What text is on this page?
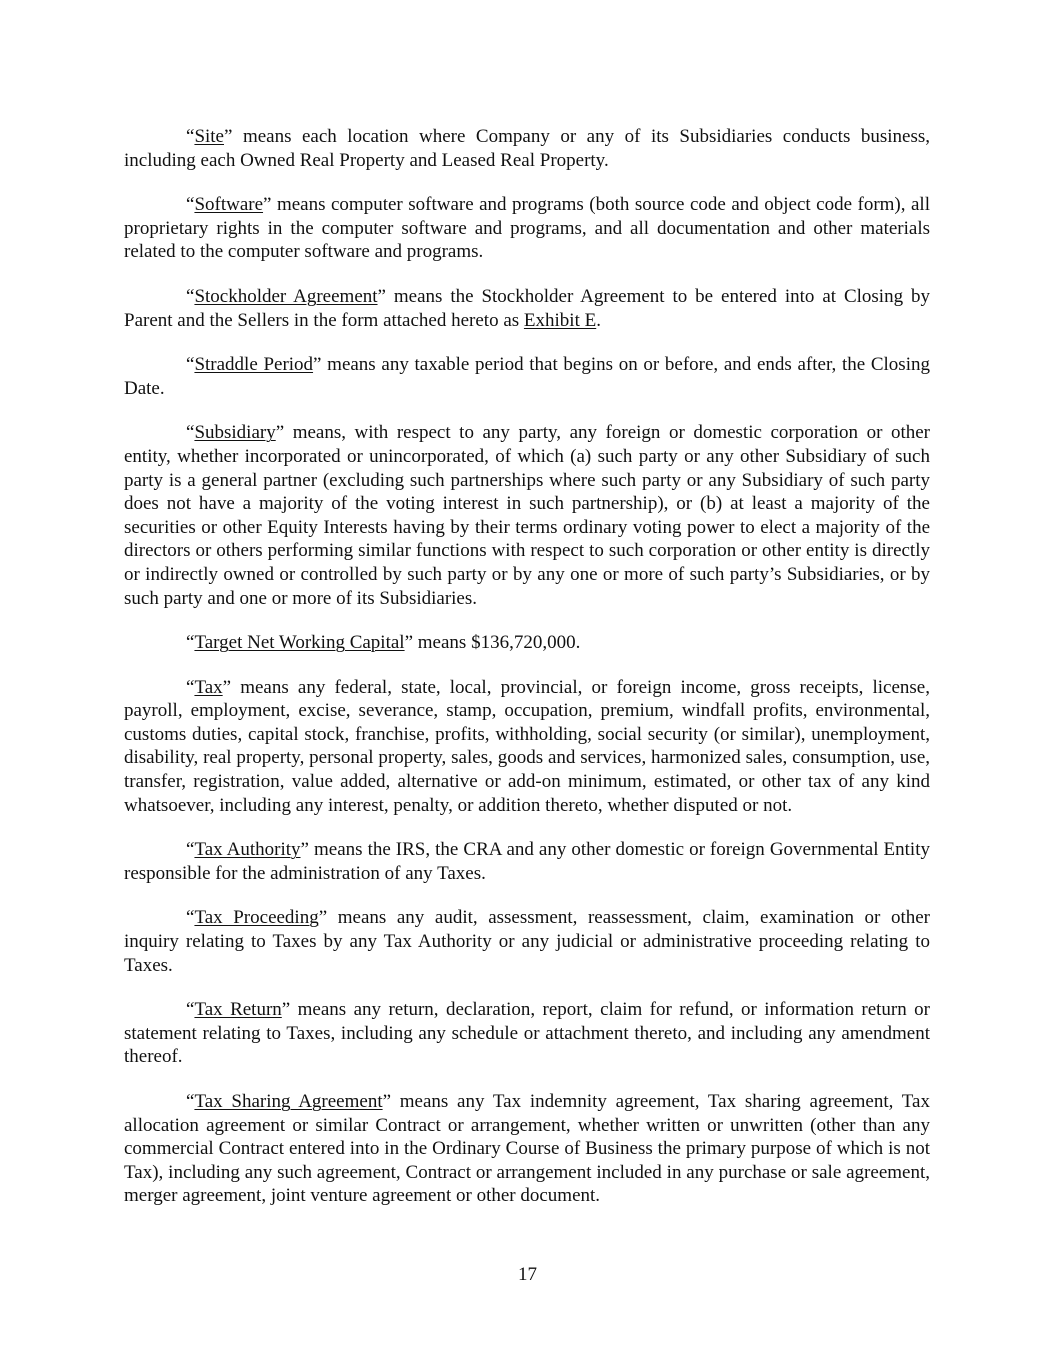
“Site” means each location where Company or any of its Subsidiaries conducts business, including each Owned Real Property and Leased Real Property.

“Software” means computer software and programs (both source code and object code form), all proprietary rights in the computer software and programs, and all documentation and other materials related to the computer software and programs.

“Stockholder Agreement” means the Stockholder Agreement to be entered into at Closing by Parent and the Sellers in the form attached hereto as Exhibit E.

“Straddle Period” means any taxable period that begins on or before, and ends after, the Closing Date.

“Subsidiary” means, with respect to any party, any foreign or domestic corporation or other entity, whether incorporated or unincorporated, of which (a) such party or any other Subsidiary of such party is a general partner (excluding such partnerships where such party or any Subsidiary of such party does not have a majority of the voting interest in such partnership), or (b) at least a majority of the securities or other Equity Interests having by their terms ordinary voting power to elect a majority of the directors or others performing similar functions with respect to such corporation or other entity is directly or indirectly owned or controlled by such party or by any one or more of such party’s Subsidiaries, or by such party and one or more of its Subsidiaries.

“Target Net Working Capital” means $136,720,000.

“Tax” means any federal, state, local, provincial, or foreign income, gross receipts, license, payroll, employment, excise, severance, stamp, occupation, premium, windfall profits, environmental, customs duties, capital stock, franchise, profits, withholding, social security (or similar), unemployment, disability, real property, personal property, sales, goods and services, harmonized sales, consumption, use, transfer, registration, value added, alternative or add-on minimum, estimated, or other tax of any kind whatsoever, including any interest, penalty, or addition thereto, whether disputed or not.

“Tax Authority” means the IRS, the CRA and any other domestic or foreign Governmental Entity responsible for the administration of any Taxes.

“Tax Proceeding” means any audit, assessment, reassessment, claim, examination or other inquiry relating to Taxes by any Tax Authority or any judicial or administrative proceeding relating to Taxes.

“Tax Return” means any return, declaration, report, claim for refund, or information return or statement relating to Taxes, including any schedule or attachment thereto, and including any amendment thereof.

“Tax Sharing Agreement” means any Tax indemnity agreement, Tax sharing agreement, Tax allocation agreement or similar Contract or arrangement, whether written or unwritten (other than any commercial Contract entered into in the Ordinary Course of Business the primary purpose of which is not Tax), including any such agreement, Contract or arrangement included in any purchase or sale agreement, merger agreement, joint venture agreement or other document.

17
